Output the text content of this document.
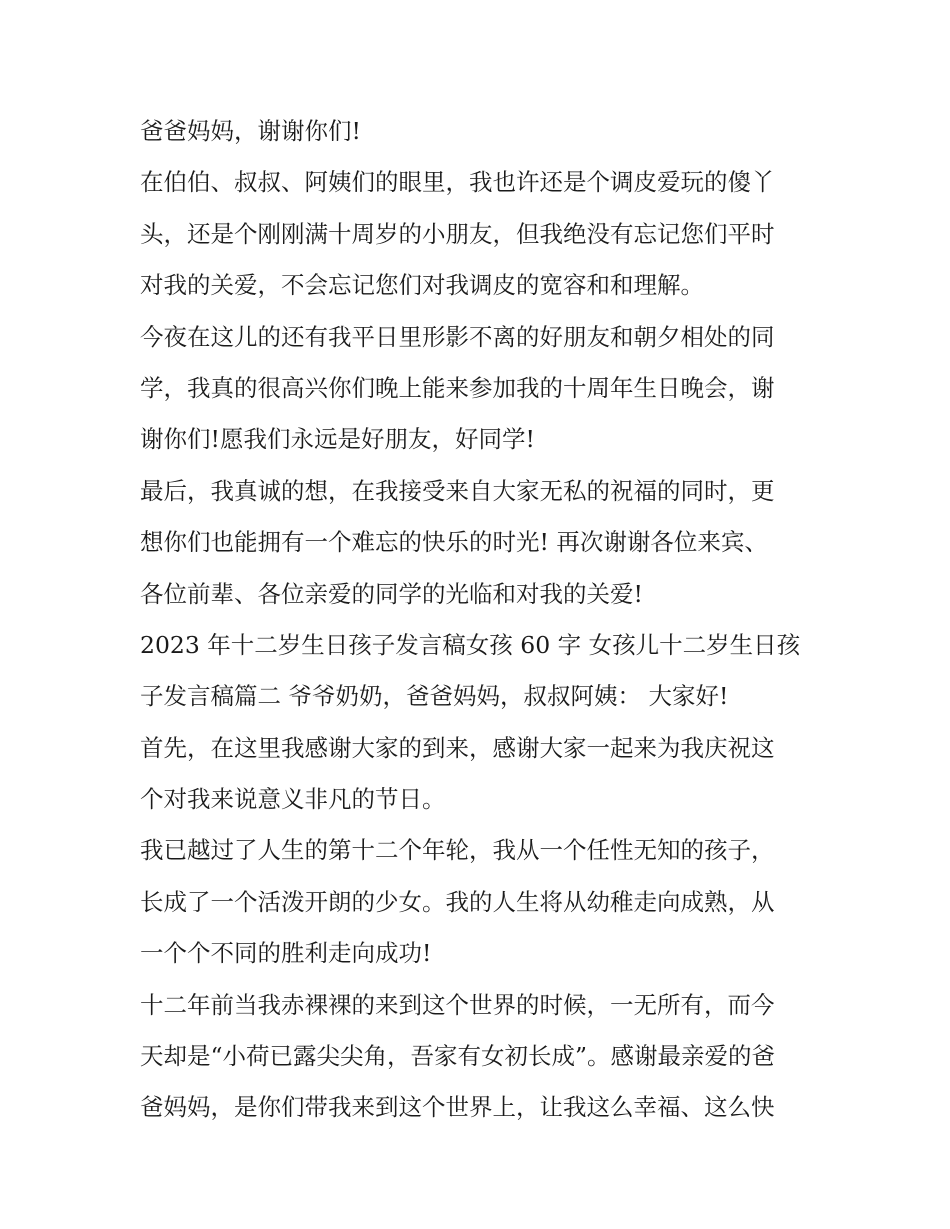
爸爸妈妈，谢谢你们!
在伯伯、叔叔、阿姨们的眼里，我也许还是个调皮爱玩的傻丫
头，还是个刚刚满十周岁的小朋友，但我绝没有忘记您们平时
对我的关爱，不会忘记您们对我调皮的宽容和和理解。
今夜在这儿的还有我平日里形影不离的好朋友和朝夕相处的同
学，我真的很高兴你们晚上能来参加我的十周年生日晚会，谢
谢你们!愿我们永远是好朋友，好同学!
最后，我真诚的想，在我接受来自大家无私的祝福的同时，更
想你们也能拥有一个难忘的快乐的时光! 再次谢谢各位来宾、
各位前辈、各位亲爱的同学的光临和对我的关爱!
2023 年十二岁生日孩子发言稿女孩 60 字 女孩儿十二岁生日孩
子发言稿篇二 爷爷奶奶，爸爸妈妈，叔叔阿姨： 大家好!
首先，在这里我感谢大家的到来，感谢大家一起来为我庆祝这
个对我来说意义非凡的节日。
我已越过了人生的第十二个年轮，我从一个任性无知的孩子，
长成了一个活泼开朗的少女。我的人生将从幼稚走向成熟，从
一个个不同的胜利走向成功!
十二年前当我赤裸裸的来到这个世界的时候，一无所有，而今
天却是“小荷已露尖尖角，吾家有女初长成”。感谢最亲爱的爸
爸妈妈，是你们带我来到这个世界上，让我这么幸福、这么快
